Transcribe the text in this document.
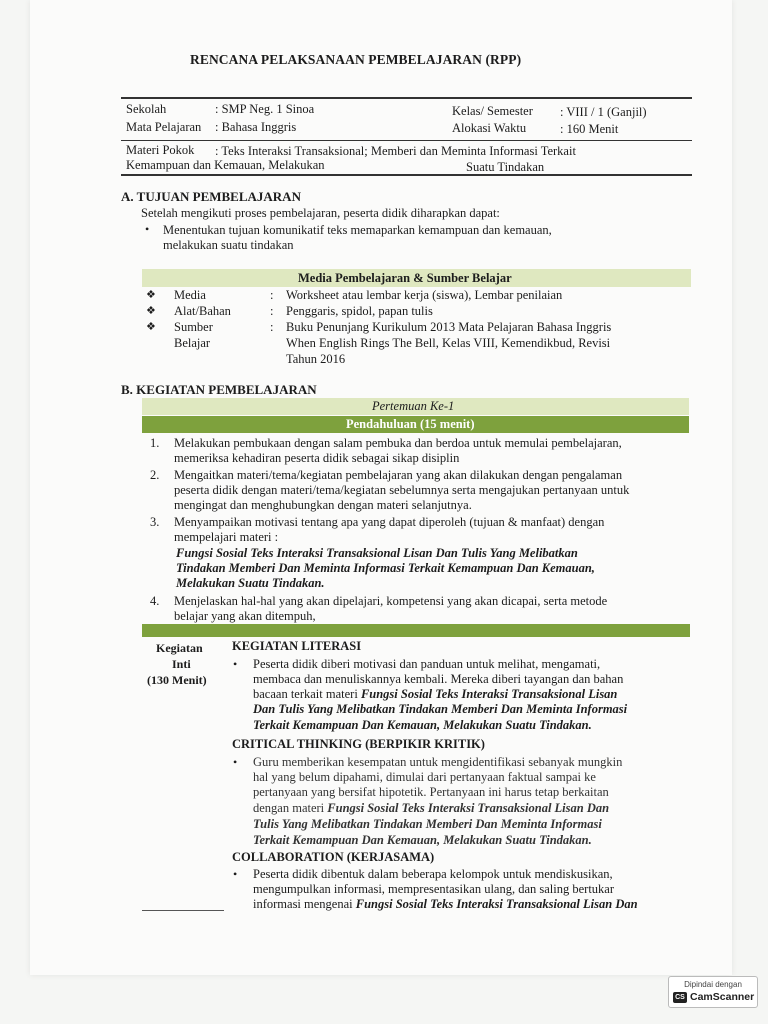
RENCANA PELAKSANAAN PEMBELAJARAN (RPP)
Sekolah	: SMP Neg. 1 Sinoa	Kelas/ Semester : VIII / 1 (Ganjil)
Mata Pelajaran : Bahasa Inggris	Alokasi Waktu	: 160 Menit
Materi Pokok : Teks Interaksi Transaksional; Memberi dan Meminta Informasi Terkait
Kemampuan dan Kemauan, Melakukan	Suatu Tindakan
A. TUJUAN PEMBELAJARAN
Setelah mengikuti proses pembelajaran, peserta didik diharapkan dapat:
• Menentukan tujuan komunikatif teks memaparkan kemampuan dan kemauan,
melakukan suatu tindakan
Media Pembelajaran & Sumber Belajar
❖ Media	: Worksheet atau lembar kerja (siswa), Lembar penilaian
❖ Alat/Bahan	: Penggaris, spidol, papan tulis
❖ Sumber
Belajar
: Buku Penunjang Kurikulum 2013 Mata Pelajaran Bahasa Inggris
When English Rings The Bell, Kelas VIII, Kemendikbud, Revisi
Tahun 2016
B. KEGIATAN PEMBELAJARAN
Pertemuan Ke-1
Pendahuluan (15 menit)
1. Melakukan pembukaan dengan salam pembuka dan berdoa untuk memulai pembelajaran,
memeriksa kehadiran peserta didik sebagai sikap disiplin
2. Mengaitkan materi/tema/kegiatan pembelajaran yang akan dilakukan dengan pengalaman
peserta didik dengan materi/tema/kegiatan sebelumnya serta mengajukan pertanyaan untuk
mengingat dan menghubungkan dengan materi selanjutnya.
3. Menyampaikan motivasi tentang apa yang dapat diperoleh (tujuan & manfaat) dengan
mempelajari materi :
Fungsi Sosial Teks Interaksi Transaksional Lisan Dan Tulis Yang Melibatkan
Tindakan Memberi Dan Meminta Informasi Terkait Kemampuan Dan Kemauan,
Melakukan Suatu Tindakan.
4. Menjelaskan hal-hal yang akan dipelajari, kompetensi yang akan dicapai, serta metode
belajar yang akan ditempuh,
Kegiatan
Inti
(130 Menit)
KEGIATAN LITERASI
• Peserta didik diberi motivasi dan panduan untuk melihat, mengamati,
membaca dan menuliskannya kembali. Mereka diberi tayangan dan bahan
bacaan terkait materi Fungsi Sosial Teks Interaksi Transaksional Lisan
Dan Tulis Yang Melibatkan Tindakan Memberi Dan Meminta Informasi
Terkait Kemampuan Dan Kemauan, Melakukan Suatu Tindakan.
CRITICAL THINKING (BERPIKIR KRITIK)
• Guru memberikan kesempatan untuk mengidentifikasi sebanyak mungkin
hal yang belum dipahami, dimulai dari pertanyaan faktual sampai ke
pertanyaan yang bersifat hipotetik. Pertanyaan ini harus tetap berkaitan
dengan materi Fungsi Sosial Teks Interaksi Transaksional Lisan Dan
Tulis Yang Melibatkan Tindakan Memberi Dan Meminta Informasi
Terkait Kemampuan Dan Kemauan, Melakukan Suatu Tindakan.
COLLABORATION (KERJASAMA)
• Peserta didik dibentuk dalam beberapa kelompok untuk mendiskusikan,
mengumpulkan informasi, mempresentasikan ulang, dan saling bertukar
informasi mengenai Fungsi Sosial Teks Interaksi Transaksional Lisan Dan
Dipindai dengan
CS CamScanner
